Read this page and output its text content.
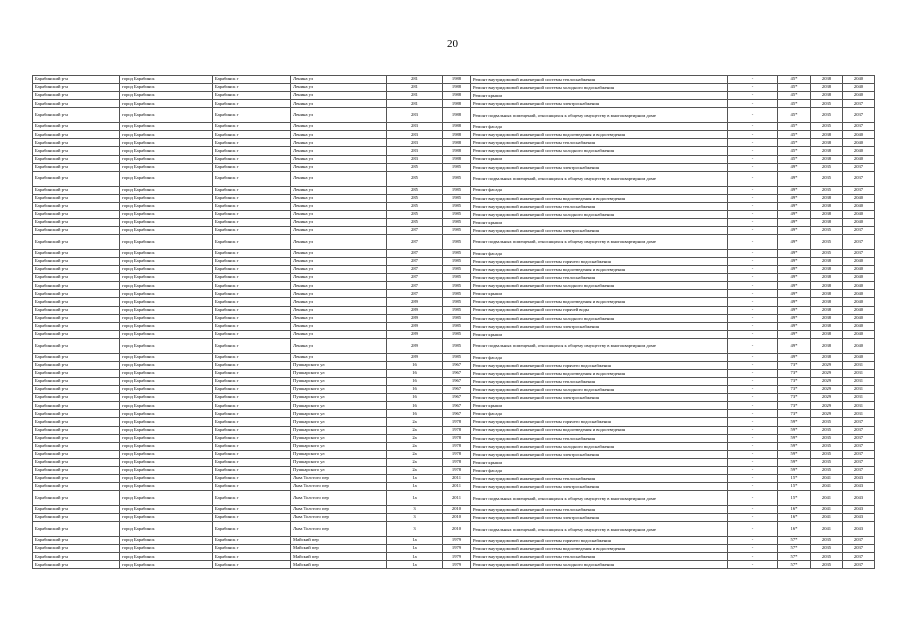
20
Барабинский р-н	город Барабинск	Барабинск г	Ленина ул	281	1988	Ремонт внутридомовой инженерной системы теплоснабжения	-	45*	2038	2040
Барабинский р-н	город Барабинск	Барабинск г	Ленина ул	281	1988	Ремонт внутридомовой инженерной системы холодного водоснабжения	-	45*	2038	2040
Барабинский р-н	город Барабинск	Барабинск г	Ленина ул	281	1988	Ремонт крыши	-	45*	2038	2040
Барабинский р-н	город Барабинск	Барабинск г	Ленина ул	281	1988	Ремонт внутридомовой инженерной системы электроснабжения	-	45*	2035	2037
Барабинский р-н	город Барабинск	Барабинск г	Ленина ул	283	1988	Ремонт подвальных помещений, относящихся к общему имуществу в многоквартирном доме	-	45*	2035	2037
Барабинский р-н	город Барабинск	Барабинск г	Ленина ул	283	1988	Ремонт фасада	-	45*	2035	2037
Барабинский р-н	город Барабинск	Барабинск г	Ленина ул	283	1988	Ремонт внутридомовой инженерной системы водоотведения и водоотведения	-	45*	2038	2040
Барабинский р-н	город Барабинск	Барабинск г	Ленина ул	283	1988	Ремонт внутридомовой инженерной системы теплоснабжения	-	45*	2038	2040
Барабинский р-н	город Барабинск	Барабинск г	Ленина ул	283	1988	Ремонт внутридомовой инженерной системы холодного водоснабжения	-	45*	2038	2040
Барабинский р-н	город Барабинск	Барабинск г	Ленина ул	283	1988	Ремонт крыши	-	45*	2038	2040
Барабинский р-н	город Барабинск	Барабинск г	Ленина ул	285	1985	Ремонт внутридомовой инженерной системы электроснабжения	-	49*	2035	2037
Барабинский р-н	город Барабинск	Барабинск г	Ленина ул	285	1985	Ремонт подвальных помещений, относящихся к общему имуществу в многоквартирном доме	-	49*	2035	2037
Барабинский р-н	город Барабинск	Барабинск г	Ленина ул	285	1985	Ремонт фасада	-	49*	2035	2037
Барабинский р-н	город Барабинск	Барабинск г	Ленина ул	285	1985	Ремонт внутридомовой инженерной системы водоотведения и водоотведения	-	49*	2038	2040
Барабинский р-н	город Барабинск	Барабинск г	Ленина ул	285	1985	Ремонт внутридомовой инженерной системы теплоснабжения	-	49*	2038	2040
Барабинский р-н	город Барабинск	Барабинск г	Ленина ул	285	1985	Ремонт внутридомовой инженерной системы холодного водоснабжения	-	49*	2038	2040
Барабинский р-н	город Барабинск	Барабинск г	Ленина ул	285	1985	Ремонт крыши	-	49*	2038	2040
Барабинский р-н	город Барабинск	Барабинск г	Ленина ул	287	1985	Ремонт внутридомовой инженерной системы электроснабжения	-	49*	2035	2037
Барабинский р-н	город Барабинск	Барабинск г	Ленина ул	287	1985	Ремонт подвальных помещений, относящихся к общему имуществу в многоквартирном доме	-	49*	2035	2037
Барабинский р-н	город Барабинск	Барабинск г	Ленина ул	287	1985	Ремонт фасада	-	49*	2035	2037
Барабинский р-н	город Барабинск	Барабинск г	Ленина ул	287	1985	Ремонт внутридомовой инженерной системы горячего водоснабжения	-	49*	2038	2040
Барабинский р-н	город Барабинск	Барабинск г	Ленина ул	287	1985	Ремонт внутридомовой инженерной системы водоотведения и водоотведения	-	49*	2038	2040
Барабинский р-н	город Барабинск	Барабинск г	Ленина ул	287	1985	Ремонт внутридомовой инженерной системы теплоснабжения	-	49*	2038	2040
Барабинский р-н	город Барабинск	Барабинск г	Ленина ул	287	1985	Ремонт внутридомовой инженерной системы холодного водоснабжения	-	49*	2038	2040
Барабинский р-н	город Барабинск	Барабинск г	Ленина ул	287	1985	Ремонт крыши	-	49*	2038	2040
Барабинский р-н	город Барабинск	Барабинск г	Ленина ул	289	1985	Ремонт внутридомовой инженерной системы водоотведения и водоотведения	-	49*	2038	2040
Барабинский р-н	город Барабинск	Барабинск г	Ленина ул	289	1985	Ремонт внутридомовой инженерной системы горячей воды	-	49*	2038	2040
Барабинский р-н	город Барабинск	Барабинск г	Ленина ул	289	1985	Ремонт внутридомовой инженерной системы холодного водоснабжения	-	49*	2038	2040
Барабинский р-н	город Барабинск	Барабинск г	Ленина ул	289	1985	Ремонт внутридомовой инженерной системы электроснабжения	-	49*	2038	2040
Барабинский р-н	город Барабинск	Барабинск г	Ленина ул	289	1985	Ремонт крыши	-	49*	2038	2040
Барабинский р-н	город Барабинск	Барабинск г	Ленина ул	289	1985	Ремонт подвальных помещений, относящихся к общему имуществу в многоквартирном доме	-	49*	2038	2040
Барабинский р-н	город Барабинск	Барабинск г	Ленина ул	289	1985	Ремонт фасада	-	49*	2038	2040
Барабинский р-н	город Барабинск	Барабинск г	Пушкарского ул	16	1967	Ремонт внутридомовой инженерной системы горячего водоснабжения	-	73*	2029	2031
Барабинский р-н	город Барабинск	Барабинск г	Пушкарского ул	16	1967	Ремонт внутридомовой инженерной системы водоотведения и водоотведения	-	73*	2029	2031
Барабинский р-н	город Барабинск	Барабинск г	Пушкарского ул	16	1967	Ремонт внутридомовой инженерной системы теплоснабжения	-	73*	2029	2031
Барабинский р-н	город Барабинск	Барабинск г	Пушкарского ул	16	1967	Ремонт внутридомовой инженерной системы холодного водоснабжения	-	73*	2029	2031
Барабинский р-н	город Барабинск	Барабинск г	Пушкарского ул	16	1967	Ремонт внутридомовой инженерной системы электроснабжения	-	73*	2029	2031
Барабинский р-н	город Барабинск	Барабинск г	Пушкарского ул	16	1967	Ремонт крыши	-	73*	2029	2031
Барабинский р-н	город Барабинск	Барабинск г	Пушкарского ул	16	1967	Ремонт фасада	-	73*	2029	2031
Барабинский р-н	город Барабинск	Барабинск г	Пушкарского ул	2а	1978	Ремонт внутридомовой инженерной системы горячего водоснабжения	-	59*	2035	2037
Барабинский р-н	город Барабинск	Барабинск г	Пушкарского ул	2а	1978	Ремонт внутридомовой инженерной системы водоотведения и водоотведения	-	59*	2035	2037
Барабинский р-н	город Барабинск	Барабинск г	Пушкарского ул	2а	1978	Ремонт внутридомовой инженерной системы теплоснабжения	-	59*	2035	2037
Барабинский р-н	город Барабинск	Барабинск г	Пушкарского ул	2а	1978	Ремонт внутридомовой инженерной системы холодного водоснабжения	-	59*	2035	2037
Барабинский р-н	город Барабинск	Барабинск г	Пушкарского ул	2а	1978	Ремонт внутридомовой инженерной системы электроснабжения	-	59*	2035	2037
Барабинский р-н	город Барабинск	Барабинск г	Пушкарского ул	2а	1978	Ремонт крыши	-	59*	2035	2037
Барабинский р-н	город Барабинск	Барабинск г	Пушкарского ул	2а	1978	Ремонт фасада	-	59*	2035	2037
Барабинский р-н	город Барабинск	Барабинск г	Льва Толстого пер	1а	2011	Ремонт внутридомовой инженерной системы теплоснабжения	-	15*	2041	2043
Барабинский р-н	город Барабинск	Барабинск г	Льва Толстого пер	1а	2011	Ремонт внутридомовой инженерной системы электроснабжения	-	15*	2041	2043
Барабинский р-н	город Барабинск	Барабинск г	Льва Толстого пер	1а	2011	Ремонт подвальных помещений, относящихся к общему имуществу в многоквартирном доме	-	15*	2041	2043
Барабинский р-н	город Барабинск	Барабинск г	Льва Толстого пер	3	2010	Ремонт внутридомовой инженерной системы теплоснабжения	-	16*	2041	2043
Барабинский р-н	город Барабинск	Барабинск г	Льва Толстого пер	3	2010	Ремонт внутридомовой инженерной системы электроснабжения	-	16*	2041	2043
Барабинский р-н	город Барабинск	Барабинск г	Льва Толстого пер	3	2010	Ремонт подвальных помещений, относящихся к общему имуществу в многоквартирном доме	-	16*	2041	2043
Барабинский р-н	город Барабинск	Барабинск г	Майский пер	1а	1979	Ремонт внутридомовой инженерной системы горячего водоснабжения	-	57*	2035	2037
Барабинский р-н	город Барабинск	Барабинск г	Майский пер	1а	1979	Ремонт внутридомовой инженерной системы водоотведения и водоотведения	-	57*	2035	2037
Барабинский р-н	город Барабинск	Барабинск г	Майский пер	1а	1979	Ремонт внутридомовой инженерной системы теплоснабжения	-	57*	2035	2037
Барабинский р-н	город Барабинск	Барабинск г	Майский пер	1а	1979	Ремонт внутридомовой инженерной системы холодного водоснабжения	-	57*	2035	2037
